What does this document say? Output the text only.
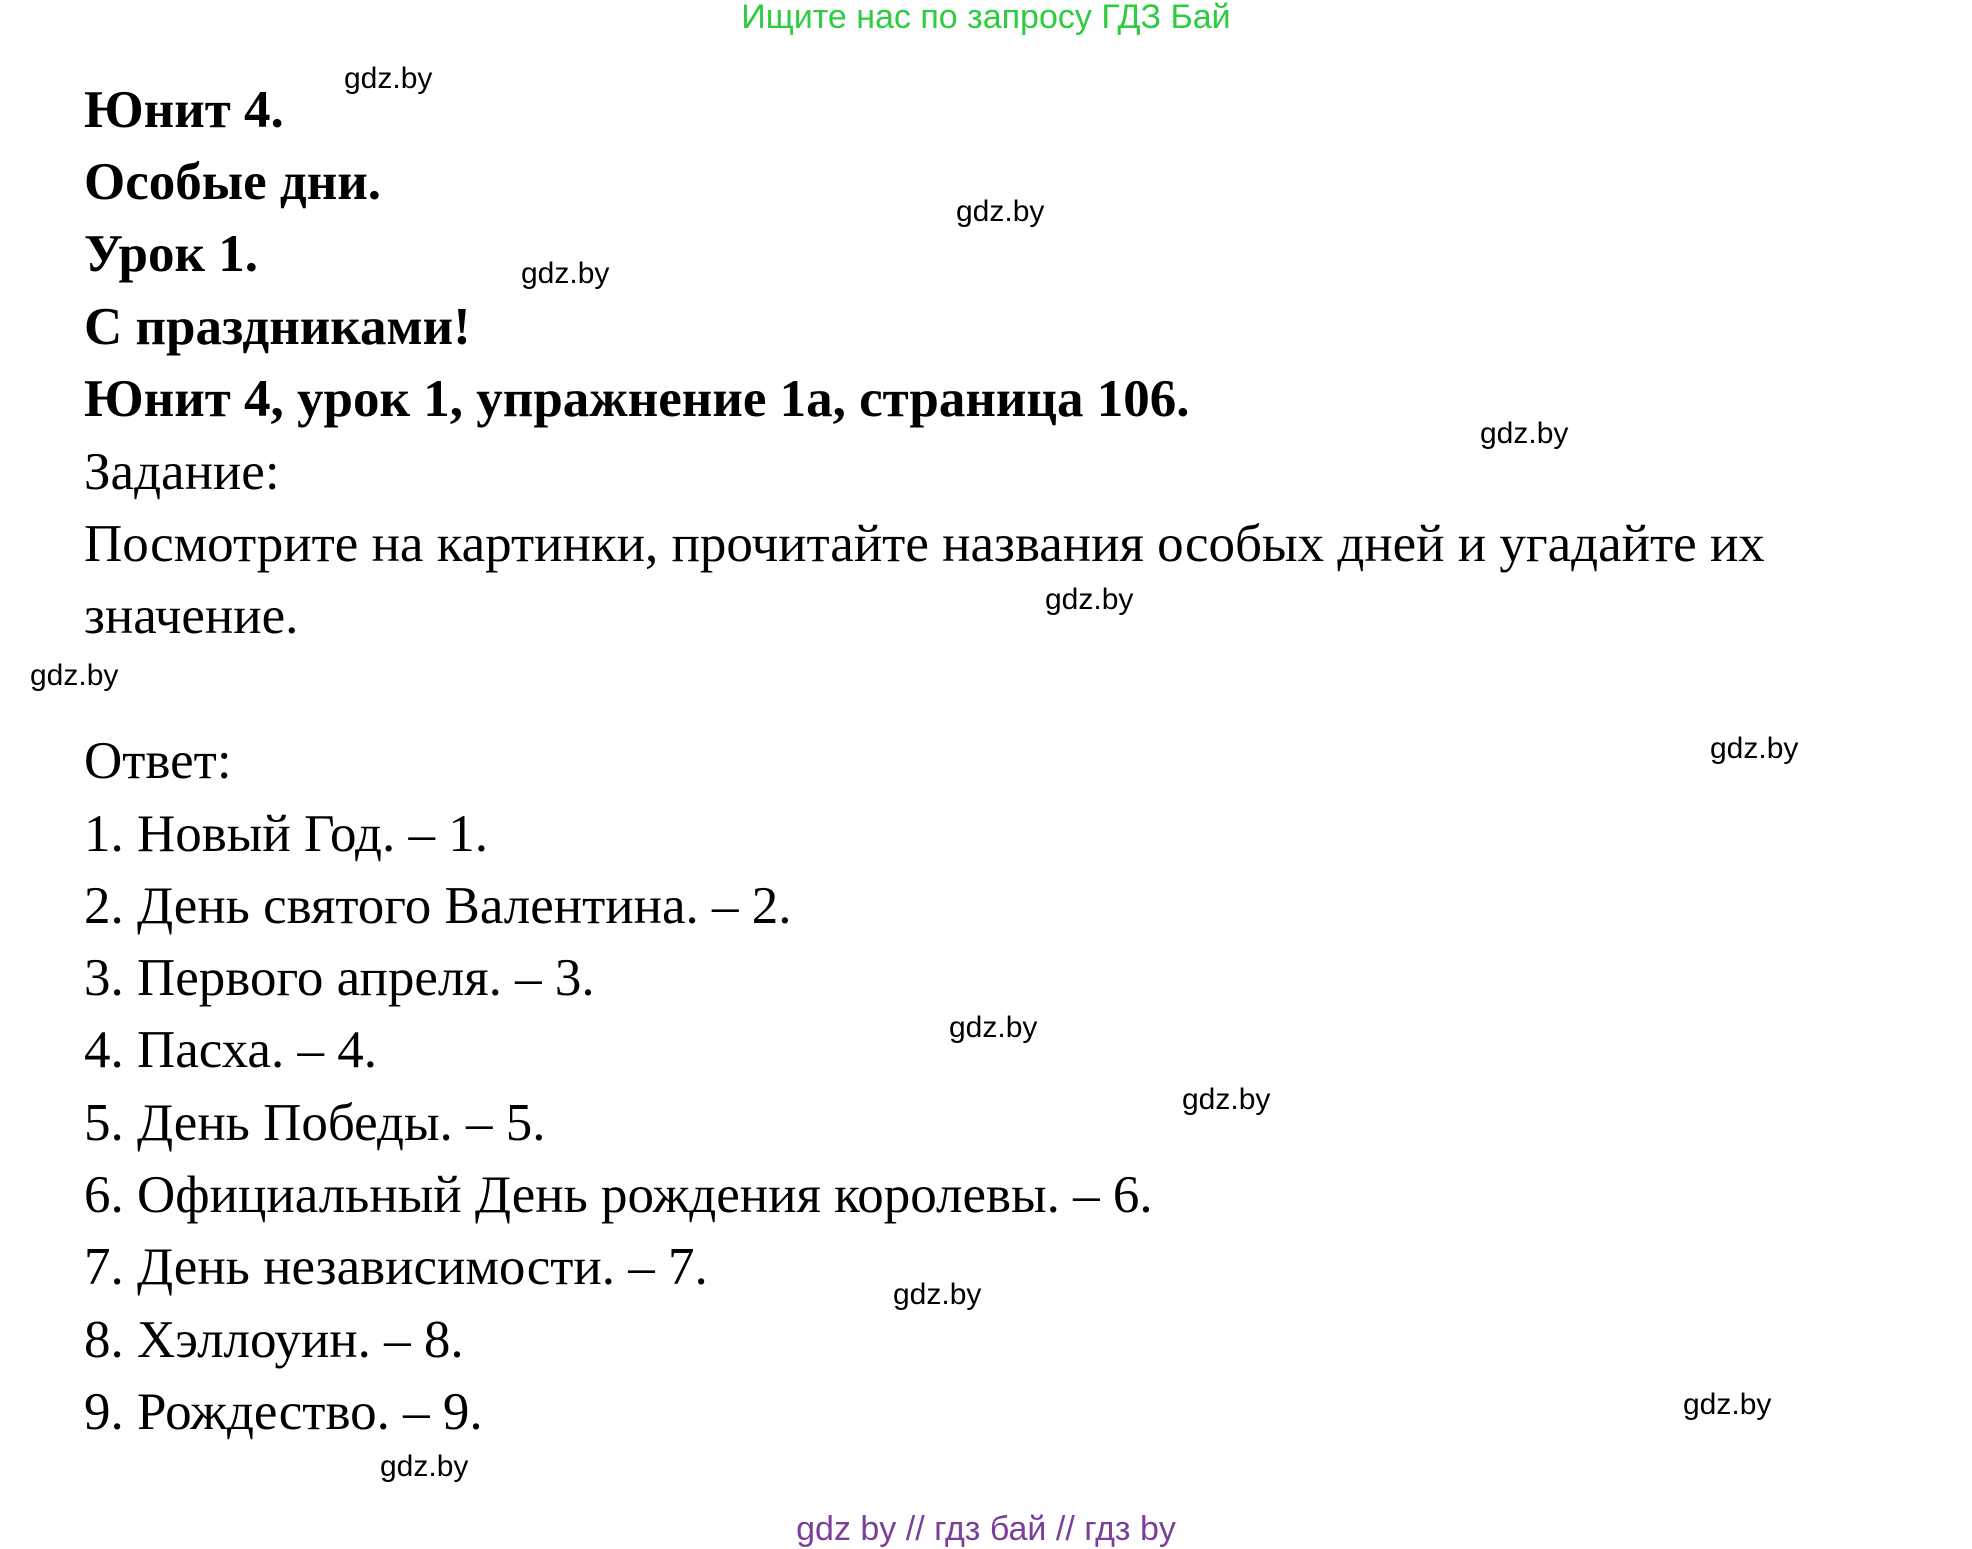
Ищите нас по запросу ГДЗ Бай
Юнит 4.
Особые дни.
Урок 1.
С праздниками!
Юнит 4, урок 1, упражнение 1а, страница 106.
Задание:
Посмотрите на картинки, прочитайте названия особых дней и угадайте их
значение.
Ответ:
1. Новый Год. – 1.
2. День святого Валентина. – 2.
3. Первого апреля. – 3.
4. Пасха. – 4.
5. День Победы. – 5.
6. Официальный День рождения королевы. – 6.
7. День независимости. – 7.
8. Хэллоуин. – 8.
9. Рождество. – 9.
gdz.by
gdz.by
gdz.by
gdz.by
gdz.by
gdz.by
gdz.by
gdz.by
gdz.by
gdz.by
gdz.by
gdz.by
gdz by // гдз бай // гдз by
